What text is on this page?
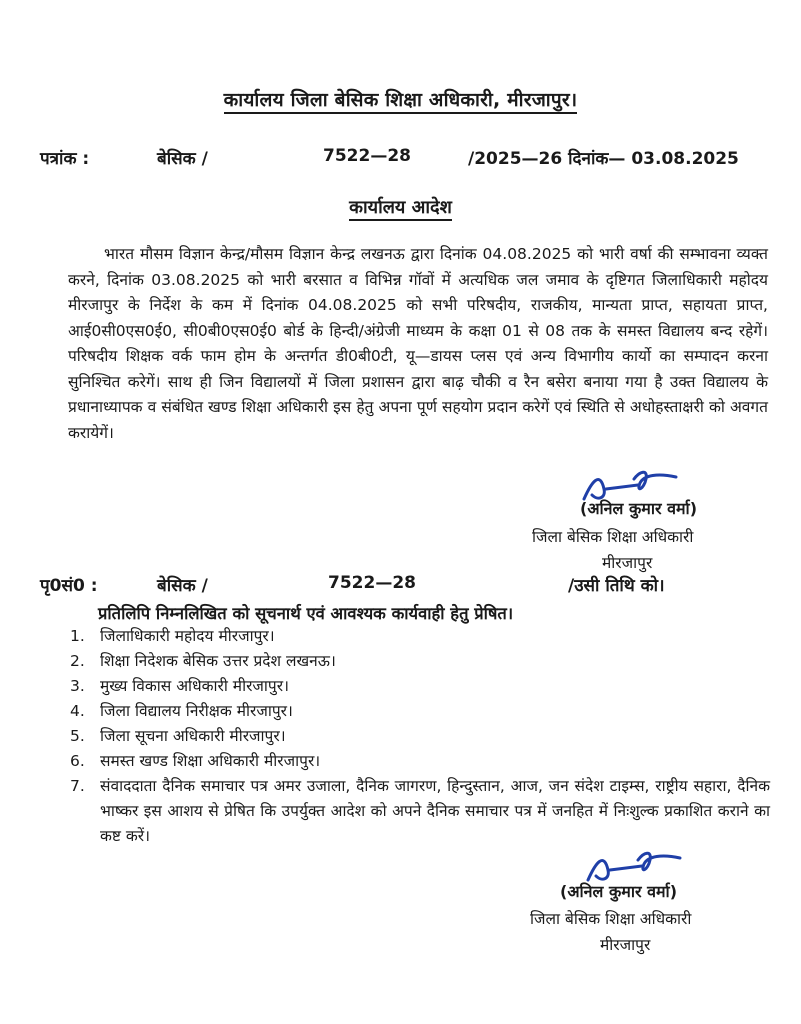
कार्यालय जिला बेसिक शिक्षा अधिकारी, मीरजापुर।

पत्रांक :	बेसिक /	7522—28	/2025—26 दिनांक— 03.08.2025

कार्यालय आदेश

भारत मौसम विज्ञान केन्द्र/मौसम विज्ञान केन्द्र लखनऊ द्वारा दिनांक 04.08.2025 को भारी वर्षा की सम्भावना व्यक्त करने, दिनांक 03.08.2025 को भारी बरसात व विभिन्न गॉवों में अत्यधिक जल जमाव के दृष्टिगत जिलाधिकारी महोदय मीरजापुर के निर्देश के कम में दिनांक 04.08.2025 को सभी परिषदीय, राजकीय, मान्यता प्राप्त, सहायता प्राप्त, आई0सी0एस0ई0, सी0बी0एस0ई0 बोर्ड के हिन्दी/अंग्रेजी माध्यम के कक्षा 01 से 08 तक के समस्त विद्यालय बन्द रहेगें। परिषदीय शिक्षक वर्क फाम होम के अन्तर्गत डी0बी0टी, यू—डायस प्लस एवं अन्य विभागीय कार्यो का सम्पादन करना सुनिश्चित करेगें। साथ ही जिन विद्यालयों में जिला प्रशासन द्वारा बाढ़ चौकी व रैन बसेरा बनाया गया है उक्त विद्यालय के प्रधानाध्यापक व संबंधित खण्ड शिक्षा अधिकारी इस हेतु अपना पूर्ण सहयोग प्रदान करेगें एवं स्थिति से अधोहस्ताक्षरी को अवगत करायेगें।

(अनिल कुमार वर्मा)
जिला बेसिक शिक्षा अधिकारी
मीरजापुर
पृ0सं0 :	बेसिक /	7522—28	/उसी तिथि को।
प्रतिलिपि निम्नलिखित को सूचनार्थ एवं आवश्यक कार्यवाही हेतु प्रेषित।
1. जिलाधिकारी महोदय मीरजापुर।
2. शिक्षा निदेशक बेसिक उत्तर प्रदेश लखनऊ।
3. मुख्य विकास अधिकारी मीरजापुर।
4. जिला विद्यालय निरीक्षक मीरजापुर।
5. जिला सूचना अधिकारी मीरजापुर।
6. समस्त खण्ड शिक्षा अधिकारी मीरजापुर।
7. संवाददाता दैनिक समाचार पत्र अमर उजाला, दैनिक जागरण, हिन्दुस्तान, आज, जन संदेश टाइम्स, राष्ट्रीय सहारा, दैनिक भाष्कर इस आशय से प्रेषित कि उपर्युक्त आदेश को अपने दैनिक समाचार पत्र में जनहित में निःशुल्क प्रकाशित कराने का कष्ट करें।
(अनिल कुमार वर्मा)
जिला बेसिक शिक्षा अधिकारी
मीरजापुर
